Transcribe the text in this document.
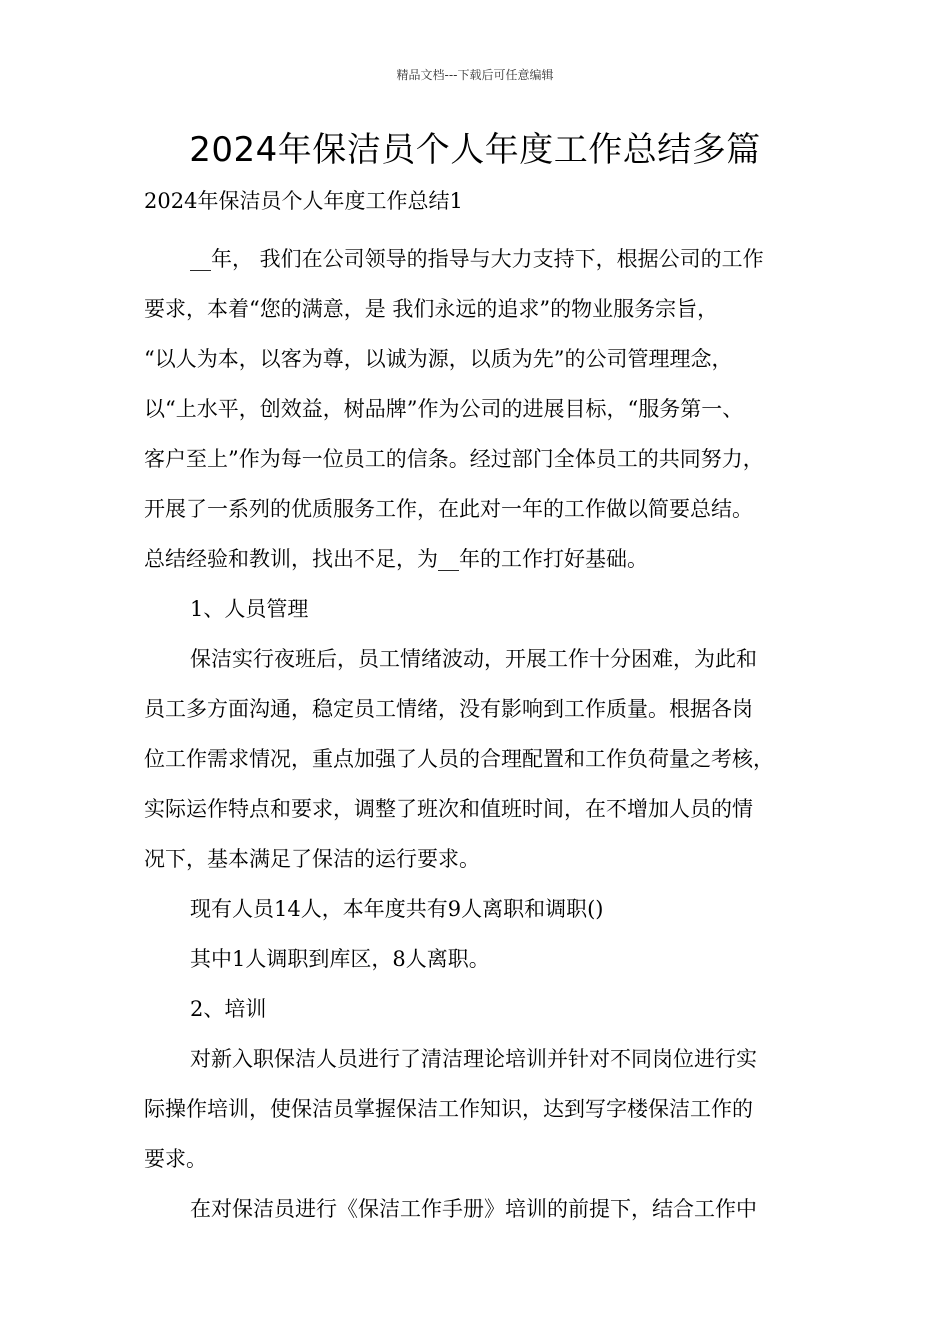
精品文档---下载后可任意编辑
2024年保洁员个人年度工作总结多篇

2024年保洁员个人年度工作总结1

__年， 我们在公司领导的指导与大力支持下，根据公司的工作

要求，本着“您的满意，是 我们永远的追求”的物业服务宗旨，

“以人为本，以客为尊，以诚为源，以质为先”的公司管理理念，

以“上水平，创效益，树品牌”作为公司的进展目标，“服务第一、

客户至上”作为每一位员工的信条。经过部门全体员工的共同努力，

开展了一系列的优质服务工作，在此对一年的工作做以简要总结。

总结经验和教训，找出不足，为__年的工作打好基础。

1、人员管理

保洁实行夜班后，员工情绪波动，开展工作十分困难，为此和

员工多方面沟通，稳定员工情绪，没有影响到工作质量。根据各岗

位工作需求情况，重点加强了人员的合理配置和工作负荷量之考核，

实际运作特点和要求，调整了班次和值班时间，在不增加人员的情

况下，基本满足了保洁的运行要求。

现有人员14人，本年度共有9人离职和调职()

其中1人调职到库区，8人离职。

2、培训

对新入职保洁人员进行了清洁理论培训并针对不同岗位进行实

际操作培训，使保洁员掌握保洁工作知识，达到写字楼保洁工作的

要求。

在对保洁员进行《保洁工作手册》培训的前提下，结合工作中
